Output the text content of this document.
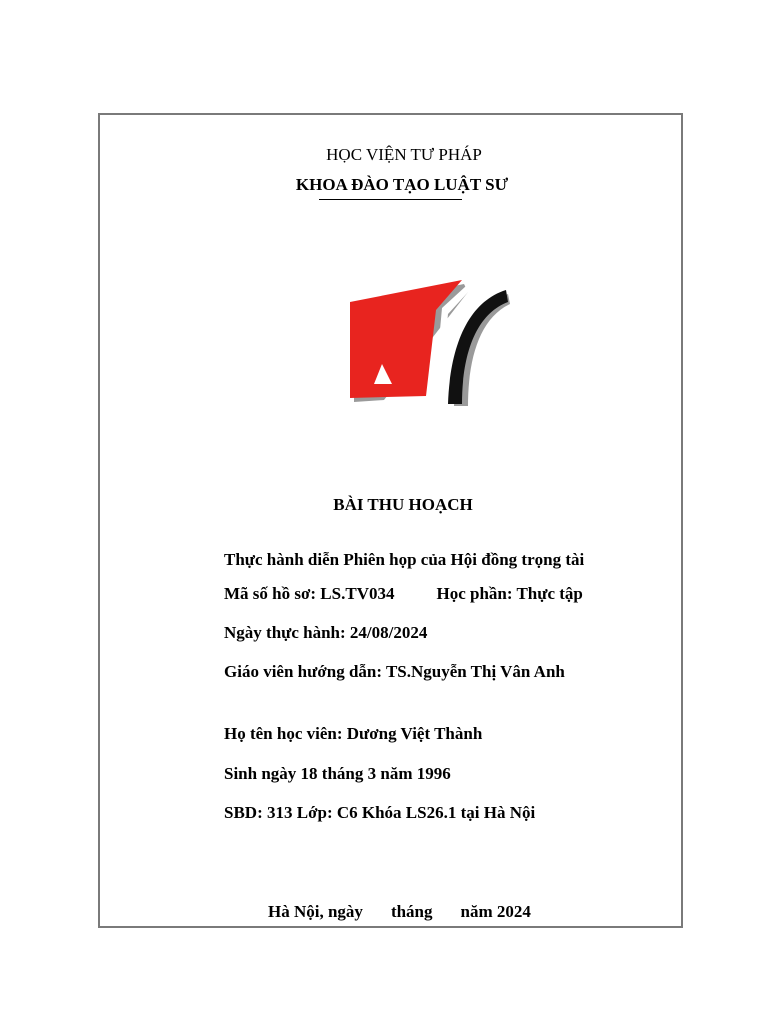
HỌC VIỆN TƯ PHÁP
KHOA ĐÀO TẠO LUẬT SƯ
BÀI THU HOẠCH
Thực hành diễn Phiên họp của Hội đồng trọng tài
Mã số hồ sơ: LS.TV034 Học phần: Thực tập
Ngày thực hành: 24/08/2024
Giáo viên hướng dẫn: TS.Nguyễn Thị Vân Anh
Họ tên học viên: Dương Việt Thành
Sinh ngày 18 tháng 3 năm 1996
SBD: 313 Lớp: C6 Khóa LS26.1 tại Hà Nội
Hà Nội, ngày tháng năm 2024
